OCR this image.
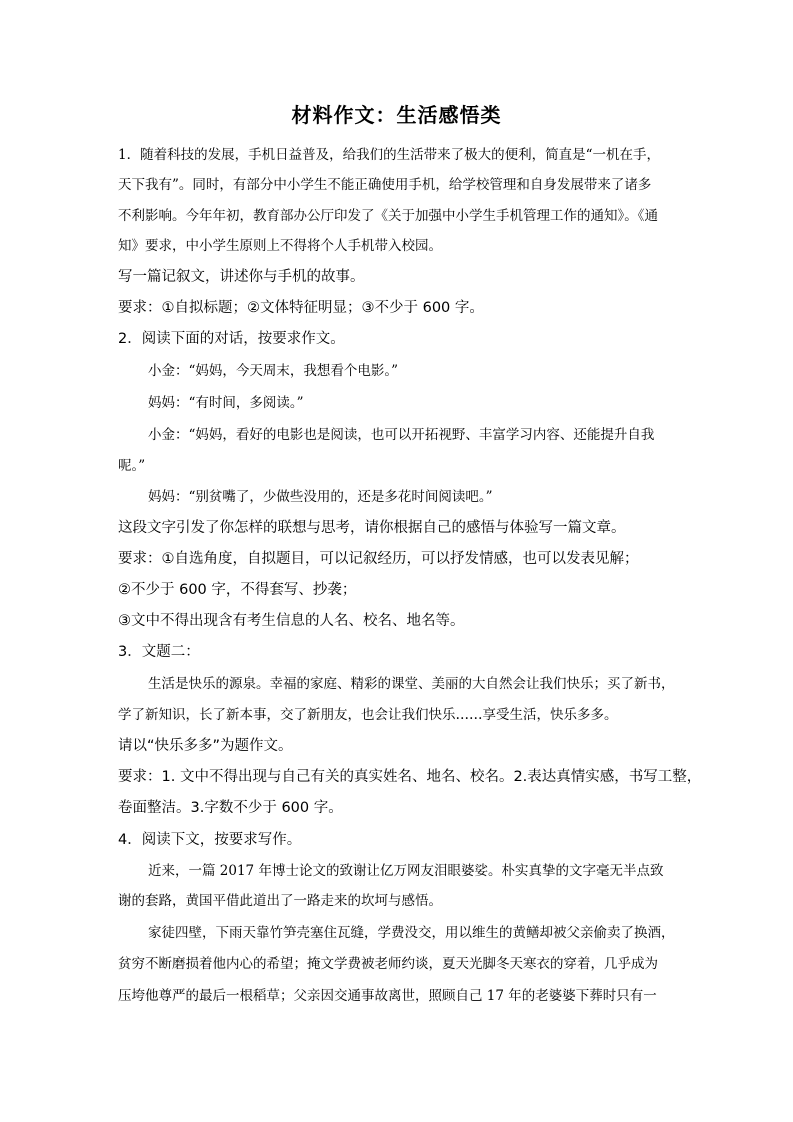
材料作文：生活感悟类
1．随着科技的发展，手机日益普及，给我们的生活带来了极大的便利，简直是“一机在手，
天下我有”。同时，有部分中小学生不能正确使用手机，给学校管理和自身发展带来了诸多
不利影响。今年年初，教育部办公厅印发了《关于加强中小学生手机管理工作的通知》。《通
知》要求，中小学生原则上不得将个人手机带入校园。
写一篇记叙文，讲述你与手机的故事。
要求：①自拟标题；②文体特征明显；③不少于 600 字。
2．阅读下面的对话，按要求作文。
小金：“妈妈，今天周末，我想看个电影。”
妈妈：“有时间，多阅读。”
小金：“妈妈，看好的电影也是阅读，也可以开拓视野、丰富学习内容、还能提升自我
呢。”
妈妈：“别贫嘴了，少做些没用的，还是多花时间阅读吧。”
这段文字引发了你怎样的联想与思考，请你根据自己的感悟与体验写一篇文章。
要求：①自选角度，自拟题目，可以记叙经历，可以抒发情感，也可以发表见解；
②不少于 600 字，不得套写、抄袭；
③文中不得出现含有考生信息的人名、校名、地名等。
3．文题二：
生活是快乐的源泉。幸福的家庭、精彩的课堂、美丽的大自然会让我们快乐；买了新书，
学了新知识，长了新本事，交了新朋友，也会让我们快乐……享受生活，快乐多多。
请以“快乐多多”为题作文。
要求：1. 文中不得出现与自己有关的真实姓名、地名、校名。2.表达真情实感，书写工整，
卷面整洁。3.字数不少于 600 字。
4．阅读下文，按要求写作。
近来，一篇 2017 年博士论文的致谢让亿万网友泪眼婆娑。朴实真挚的文字毫无半点致
谢的套路，黄国平借此道出了一路走来的坎坷与感悟。
家徒四壁，下雨天靠竹笋壳塞住瓦缝，学费没交，用以维生的黄鳝却被父亲偷卖了换酒，
贫穷不断磨损着他内心的希望；掩文学费被老师约谈，夏天光脚冬天寒衣的穿着，几乎成为
压垮他尊严的最后一根稻草；父亲因交通事故离世，照顾自己 17 年的老婆婆下葬时只有一
